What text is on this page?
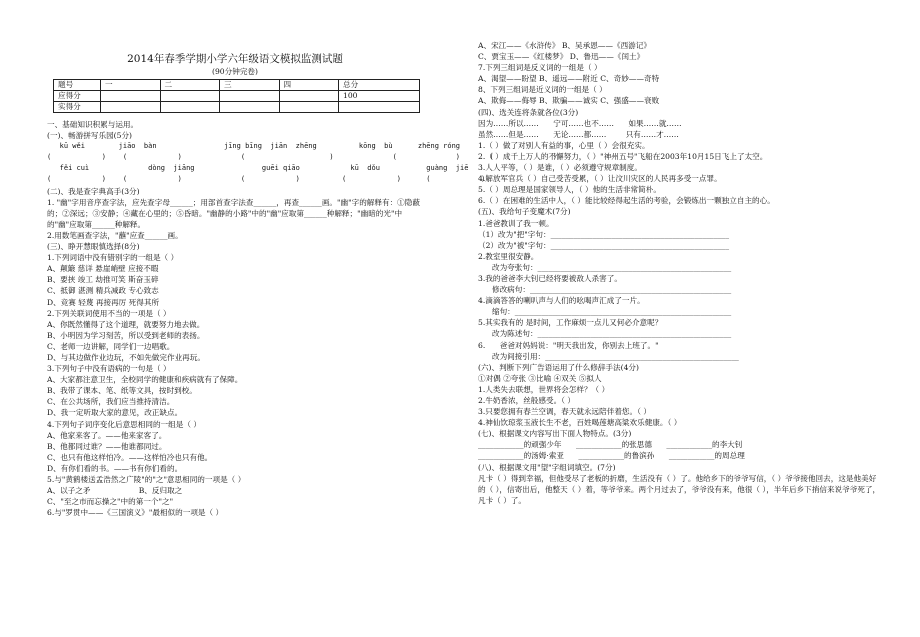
2014年春季学期小学六年级语文模拟监测试题
(90分钟完卷)
题号	一	二	三	四	总分
应得分					100
实得分					
一、基础知识积累与运用。
(一)、畅游拼写乐园(5分)
kū wěi        jiāo  bàn                jīng bīng  jiān  zhēng          kōng  bù      zhēng róng
(            )    (            )              (                    )              (              )       (              )
fěi cuì              dòng  jiāng                guēi qiāo            kū  dǒu           guàng  jiē
(            )    (            )              (            )          (            )      (            )
(二)、我是查字典高手(3分)
1. "幽"字用音序查字法，应先查字母______；用部首查字法查______，再查______画。"幽"字的解释有：①隐蔽的；②深远；③安静；④藏在心里的；⑤昏暗。"幽静的小路"中的"幽"应取第______种解释；"幽暗的光"中的"幽"应取第______种解释。
2.用数笔画查字法，"蘸"应查______画。
(三)、睁开慧眼慎选择(8分)
1.下列词语中没有错别字的一组是（ ）
A、颠簸 慈详 悬崖峭壁 应接不暇
B、要挟 竣工 劫推可笑 斯奋玉碎
C、抵御 湛测 精兵减政 专心致志
D、竞赛 轻蔑 再接再厉 死得其所
2.下列关联词使用不当的一项是（ ）
A、你既然懂得了这个道理，就要努力地去做。
B、小明因为学习刻苦，所以受到老师的表扬。
C、老师一边讲解，同学们一边唱歌。
D、与其边做作业边玩，不如先做完作业再玩。
3.下列句子中没有语病的一句是（ ）
A、大家都注意卫生，全校同学的健康和疾病就有了保障。
B、我带了课本、笔、纸等文具，按时到校。
C、在公共场所，我们应当推持清洁。
D、我一定听取大家的意见，改正缺点。
4.下列句子词序变化后意思相同的一组是（ ）
A、他家来客了。——他来家客了。
B、他都同过谁？——他谁都同过。
C、也只有他这样怕冷。——这样怕冷也只有他。
D、有你们看的书。——书有你们看的。
5.与"黄鹤楼送孟浩然之广陵"的"之"意思相同的一项是（ ）
A、以子之矛                    B、反归取之
C、"至之市而忘操之"中的第一个"之"
6.与"罗贯中——《三国演义》"最相似的一项是（ ）
A、宋江——《水浒传》 B、吴承恩——《西游记》
C、贾宝玉——《红楼梦》 D、鲁迅——《闰土》
7.下列三组词是反义词的一组是（ ）
A、渴望——盼望 B、遥远——附近 C、奇妙——奇特
8、下列三组词是近义词的一组是（ ）
A、欺侮——侮辱 B、欺骗——诚实 C、强盛——衰败
(四)、选关连将条就各位(3分)
因为……所以……      宁可……也不……      如果……就……
虽然……但是……      无论……都……        只有……才……
1.（ ）做了对别人有益的事，心里（ ）会很充实。
2.（ ）成千上万人的不懈努力，（ ）"神州五号"飞船在2003年10月15日飞上了太空。
3.人人平等，（ ）是谁，（ ）必须遵守规章制度。
4.解放军官兵（ ）自己受苦受累，（ ）让汶川灾区的人民再多受一点罪。
5.（ ）周总理是国家领导人，（ ）他的生活非常简朴。
6.（ ）在困难的生活中人，（ ）能比较经得起生活的考验，会锻炼出一颗独立自主的心。
(五)、我给句子变魔术(7分)
1.爸爸教训了我一顿。
（1）改为"把"字句：_______________________________________________
（2）改为"被"字句：_______________________________________________
2.教室里很安静。
改为夸张句：___________________________________________________
3.我的爸爸李大钊已经将要被敌人杀害了。
修改病句：_____________________________________________________
4.滴滴答答的喇叭声与人们的吆喝声汇成了一片。
缩句：_________________________________________________________
5.其实我有的 是时间，工作麻烦一点儿又何必介意呢？
改为陈述句：___________________________________________________
6.      爸爸对妈妈说："明天我出发，你别去上班了。"
改为间接引用：___________________________________________________
(六)、判断下列广告语运用了什么修辞手法(4分)
①对偶 ②夸张 ③比喻 ④双关 ⑤拟人
1.人类失去联想，世界将会怎样？（ ）
2.牛奶香浓，丝般感受。（ ）
3.只要您拥有春兰空调，春天就永远陪伴着您。（ ）
4.神仙饮琼浆玉液长生不老，百姓喝莲塘高粱欢乐健康。（ ）
(七)、根据课文内容写出下面人物特点。(3分)
____________的顽强少年      ____________的张思德      ____________的李大钊
____________的汤姆·索亚      ____________的鲁滨孙      ____________的周总理
(八)、根据课文用"望"字组词填空。(7分)
凡卡（ ）得到幸福，但他受尽了老板的折磨，生活没有（ ）了。他给乡下的爷爷写信，（ ）爷爷接他回去，这是他美好的（ ），信寄出后，他整天（ ）着，等爷爷来。两个月过去了，爷爷没有来，他很（ ），半年后乡下捎信来说爷爷死了，凡卡（ ）了。
